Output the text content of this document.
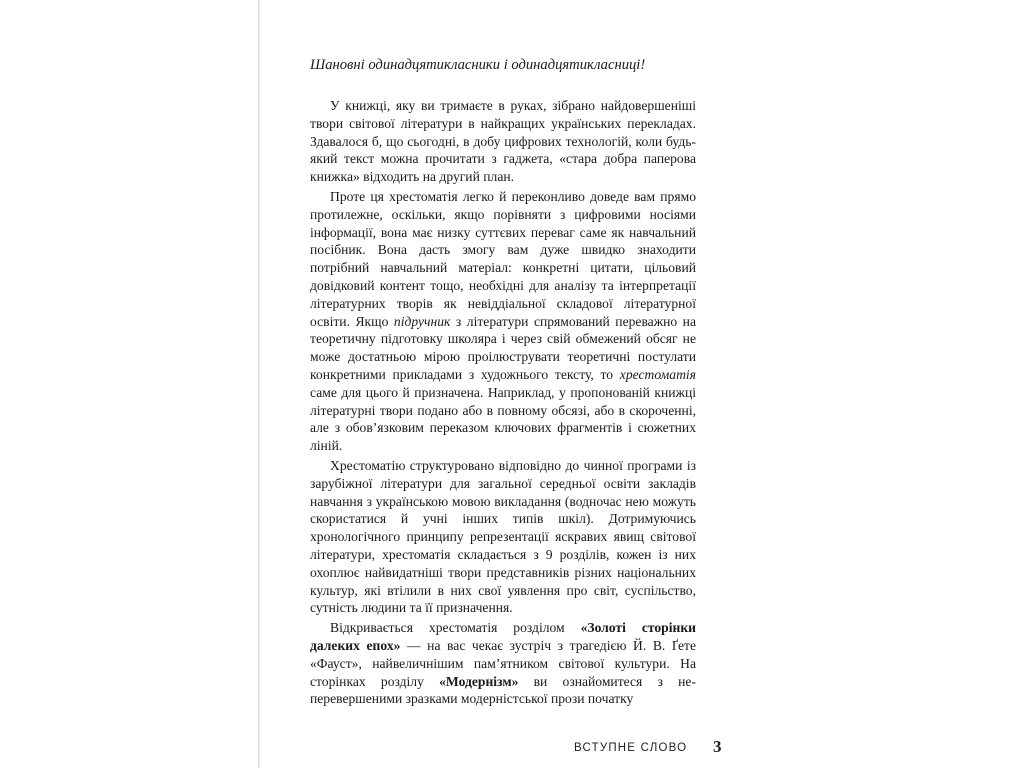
Шановні одинадцятикласники і одинадцятикласниці!

У книжці, яку ви тримаєте в руках, зібрано найдовершеніші твори світової літератури в найкращих українських перекладах. Здавалося б, що сьогодні, в добу цифрових технологій, коли будь-який текст можна прочитати з гаджета, «стара добра паперова книжка» відходить на другий план.

Проте ця хрестоматія легко й переконливо доведе вам прямо протилежне, оскільки, якщо порівняти з цифровими носіями інформації, вона має низку суттєвих переваг саме як навчальний посібник. Вона дасть змогу вам дуже швидко знаходити потрібний навчальний матеріал: конкретні цитати, цільовий довідковий контент тощо, необхідні для аналізу та інтерпретації літературних творів як невіддіaльної складової літературної освіти. Якщо підручник з літератури спрямований переважно на теоретичну підготовку школяра і через свій обмежений обсяг не може достатньою мірою проілюструвати теоретичні постулати конкретними прикладами з художнього тексту, то хрестоматія саме для цього й призначена. Наприклад, у пропонованій книжці літературні твори подано або в повному обсязі, або в скороченні, але з обов’язковим переказом ключових фрагментів і сюжетних ліній.

Хрестоматію структуровано відповідно до чинної програми із зарубіжної літератури для загальної середньої освіти закладів навчання з українською мовою викладання (водночас нею можуть скористатися й учні інших типів шкіл). Дотримуючись хронологічного принципу репрезентації яскравих явищ світової літератури, хрестоматія складається з 9 розділів, кожен із них охоплює найвидатніші твори представників різних національних культур, які втілили в них свої уявлення про світ, суспільство, сутність людини та її призначення.

Відкривається хрестоматія розділом «Золоті сторінки далеких епох» — на вас чекає зустріч з трагедією Й. В. Ґете «Фауст», найвеличнішим пам’ятником світової культури. На сторінках розділу «Модернізм» ви ознайомитеся з неперевершеними зразками модерністської прози початку

ВСТУПНЕ СЛОВО 3
